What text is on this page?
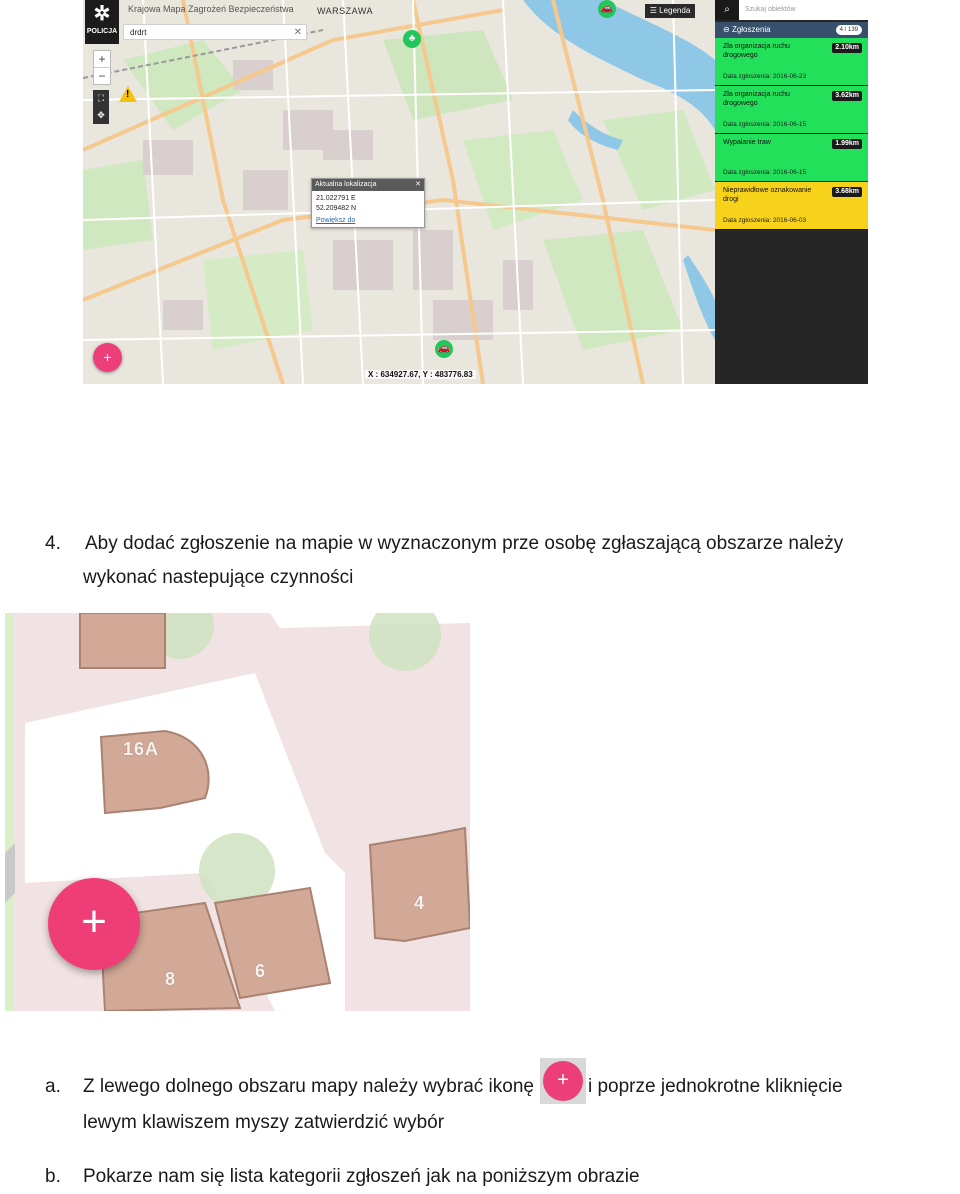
✲
POLICJA
Krajowa Mapa Zagrożeń Bezpieczeństwa	WARSZAWA
drdrt	✕
+
−
⛶
✥
!
☰ Legenda
♣
🚗
🚗
Aktualna lokalizacja	✕
21.022791 E
52.209482 N
Powiększ do
+
X : 634927.67, Y : 483776.83
⌕	Szukaj obiektów
⊖ Zgłoszenia	4 / 139
Zła organizacja ruchu drogowego
Data zgłoszenia: 2016-06-23
2.10km
Zła organizacja ruchu drogowego
Data zgłoszenia: 2016-06-15
3.62km
Wypalanie traw
Data zgłoszenia: 2016-06-15
1.99km
Nieprawidłowe oznakowanie drogi
Data zgłoszenia: 2016-06-03
3.68km
4. Aby dodać zgłoszenie na mapie w wyznaczonym prze osobę zgłaszającą obszarze należy
wykonać nastepujące czynności
16A
4
8	6
+
a. Z lewego dolnego obszaru mapy należy wybrać ikonę	+	i poprze jednokrotne kliknięcie
lewym klawiszem myszy zatwierdzić wybór
b. Pokarze nam się lista kategorii zgłoszeń jak na poniższym obrazie
